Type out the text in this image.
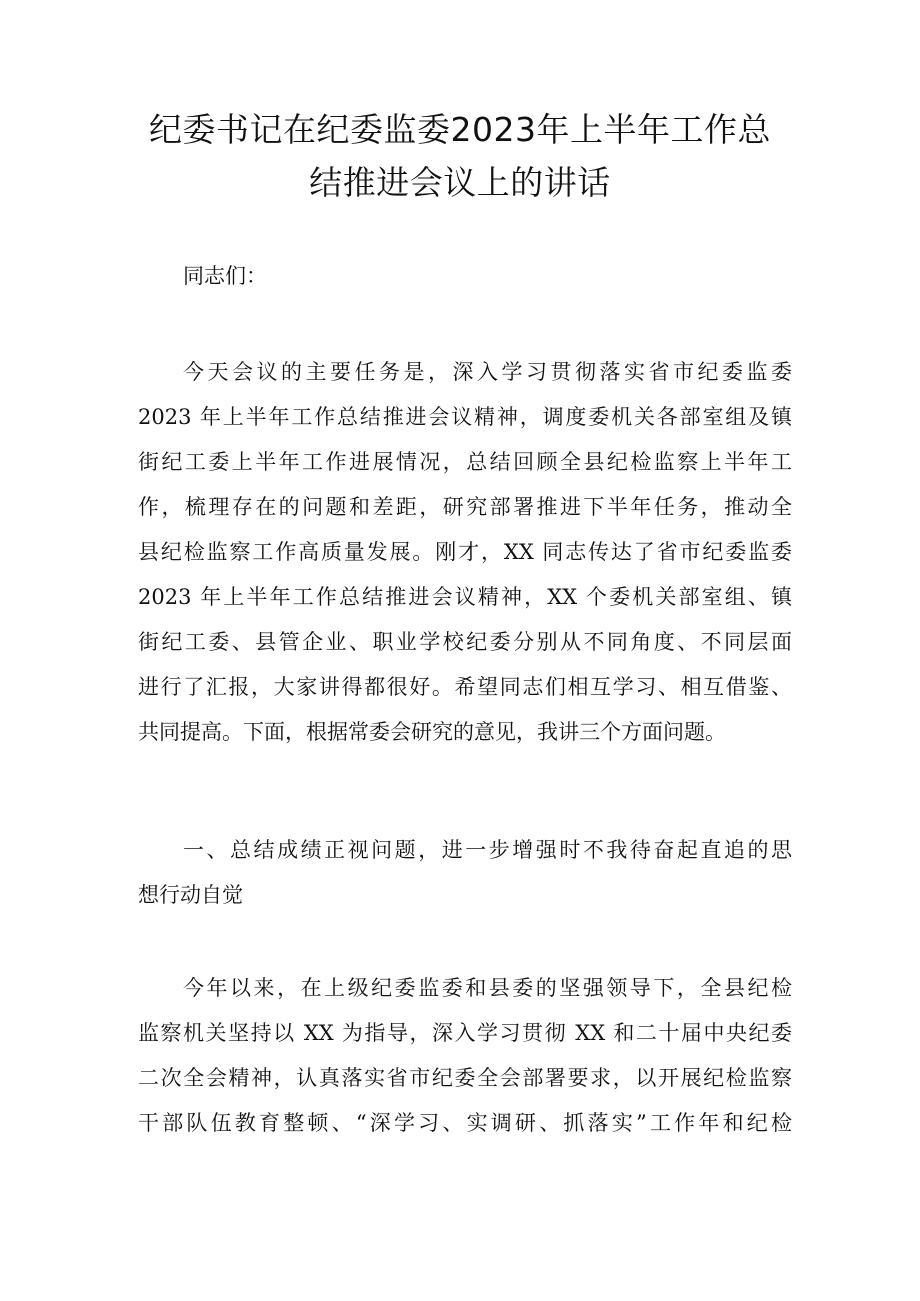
纪委书记在纪委监委2023年上半年工作总
结推进会议上的讲话
同志们：
今天会议的主要任务是，深入学习贯彻落实省市纪委监委
2023 年上半年工作总结推进会议精神，调度委机关各部室组及镇
街纪工委上半年工作进展情况，总结回顾全县纪检监察上半年工
作，梳理存在的问题和差距，研究部署推进下半年任务，推动全
县纪检监察工作高质量发展。刚才，XX 同志传达了省市纪委监委
2023 年上半年工作总结推进会议精神，XX 个委机关部室组、镇
街纪工委、县管企业、职业学校纪委分别从不同角度、不同层面
进行了汇报，大家讲得都很好。希望同志们相互学习、相互借鉴、
共同提高。下面，根据常委会研究的意见，我讲三个方面问题。
一、总结成绩正视问题，进一步增强时不我待奋起直追的思
想行动自觉
今年以来，在上级纪委监委和县委的坚强领导下，全县纪检
监察机关坚持以 XX 为指导，深入学习贯彻 XX 和二十届中央纪委
二次全会精神，认真落实省市纪委全会部署要求，以开展纪检监察
干部队伍教育整顿、“深学习、实调研、抓落实”工作年和纪检
